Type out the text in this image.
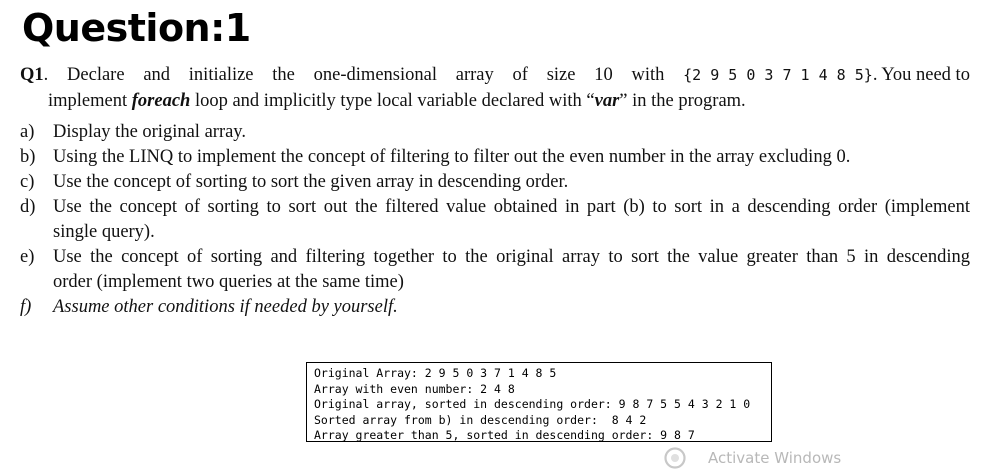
Question:1
Q1. Declare and initialize the one-dimensional array of size 10 with {2 9 5 0 3 7 1 4 8 5}. You need to
implement foreach loop and implicitly type local variable declared with “var” in the program.
a)	Display the original array.
b) Using the LINQ to implement the concept of filtering to filter out the even number in the array excluding 0.
c)	Use the concept of sorting to sort the given array in descending order.
d) Use the concept of sorting to sort out the filtered value obtained in part (b) to sort in a descending order (implement
single query).
e)	Use the concept of sorting and filtering together to the original array to sort the value greater than 5 in descending
order (implement two queries at the same time)
f)	Assume other conditions if needed by yourself.
Original Array: 2 9 5 0 3 7 1 4 8 5
Array with even number: 2 4 8
Original array, sorted in descending order: 9 8 7 5 5 4 3 2 1 0
Sorted array from b) in descending order:  8 4 2
Array greater than 5, sorted in descending order: 9 8 7
Activate Windows
